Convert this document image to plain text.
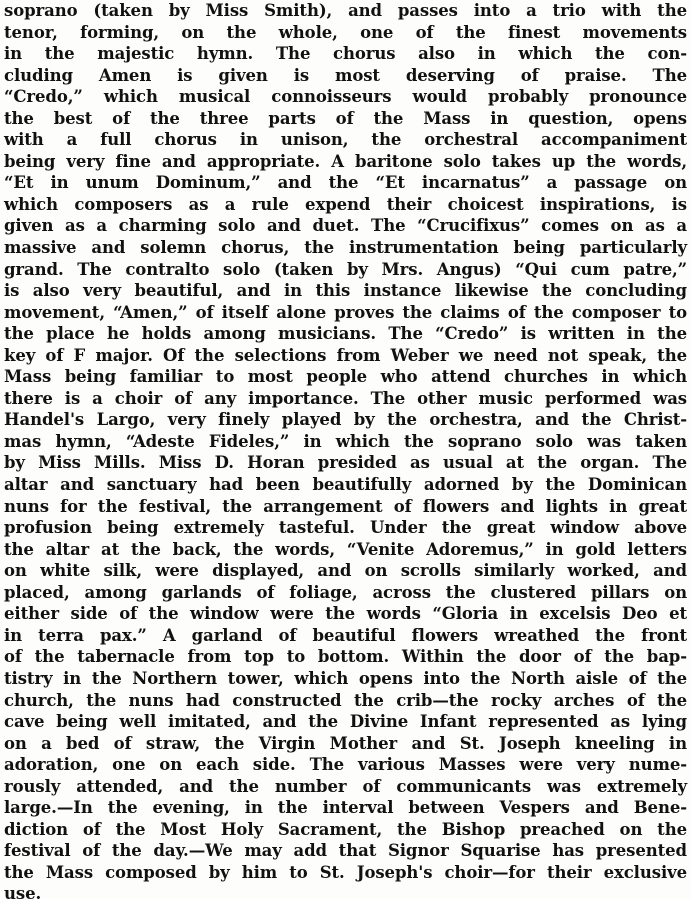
soprano (taken by Miss Smith), and passes into a trio with the
tenor, forming, on the whole, one of the finest movements
in the majestic hymn. The chorus also in which the con-
cluding Amen is given is most deserving of praise. The
“Credo,” which musical connoisseurs would probably pronounce
the best of the three parts of the Mass in question, opens
with a full chorus in unison, the orchestral accompaniment
being very fine and appropriate. A baritone solo takes up the words,
“Et in unum Dominum,” and the “Et incarnatus” a passage on
which composers as a rule expend their choicest inspirations, is
given as a charming solo and duet. The “Crucifixus” comes on as a
massive and solemn chorus, the instrumentation being particularly
grand. The contralto solo (taken by Mrs. Angus) “Qui cum patre,”
is also very beautiful, and in this instance likewise the concluding
movement, “Amen,” of itself alone proves the claims of the composer to
the place he holds among musicians. The “Credo” is written in the
key of F major. Of the selections from Weber we need not speak, the
Mass being familiar to most people who attend churches in which
there is a choir of any importance. The other music performed was
Handel's Largo, very finely played by the orchestra, and the Christ-
mas hymn, “Adeste Fideles,” in which the soprano solo was taken
by Miss Mills. Miss D. Horan presided as usual at the organ. The
altar and sanctuary had been beautifully adorned by the Dominican
nuns for the festival, the arrangement of flowers and lights in great
profusion being extremely tasteful. Under the great window above
the altar at the back, the words, “Venite Adoremus,” in gold letters
on white silk, were displayed, and on scrolls similarly worked, and
placed, among garlands of foliage, across the clustered pillars on
either side of the window were the words “Gloria in excelsis Deo et
in terra pax.” A garland of beautiful flowers wreathed the front
of the tabernacle from top to bottom. Within the door of the bap-
tistry in the Northern tower, which opens into the North aisle of the
church, the nuns had constructed the crib—the rocky arches of the
cave being well imitated, and the Divine Infant represented as lying
on a bed of straw, the Virgin Mother and St. Joseph kneeling in
adoration, one on each side. The various Masses were very nume-
rously attended, and the number of communicants was extremely
large.—In the evening, in the interval between Vespers and Bene-
diction of the Most Holy Sacrament, the Bishop preached on the
festival of the day.—We may add that Signor Squarise has presented
the Mass composed by him to St. Joseph's choir—for their exclusive
use.
